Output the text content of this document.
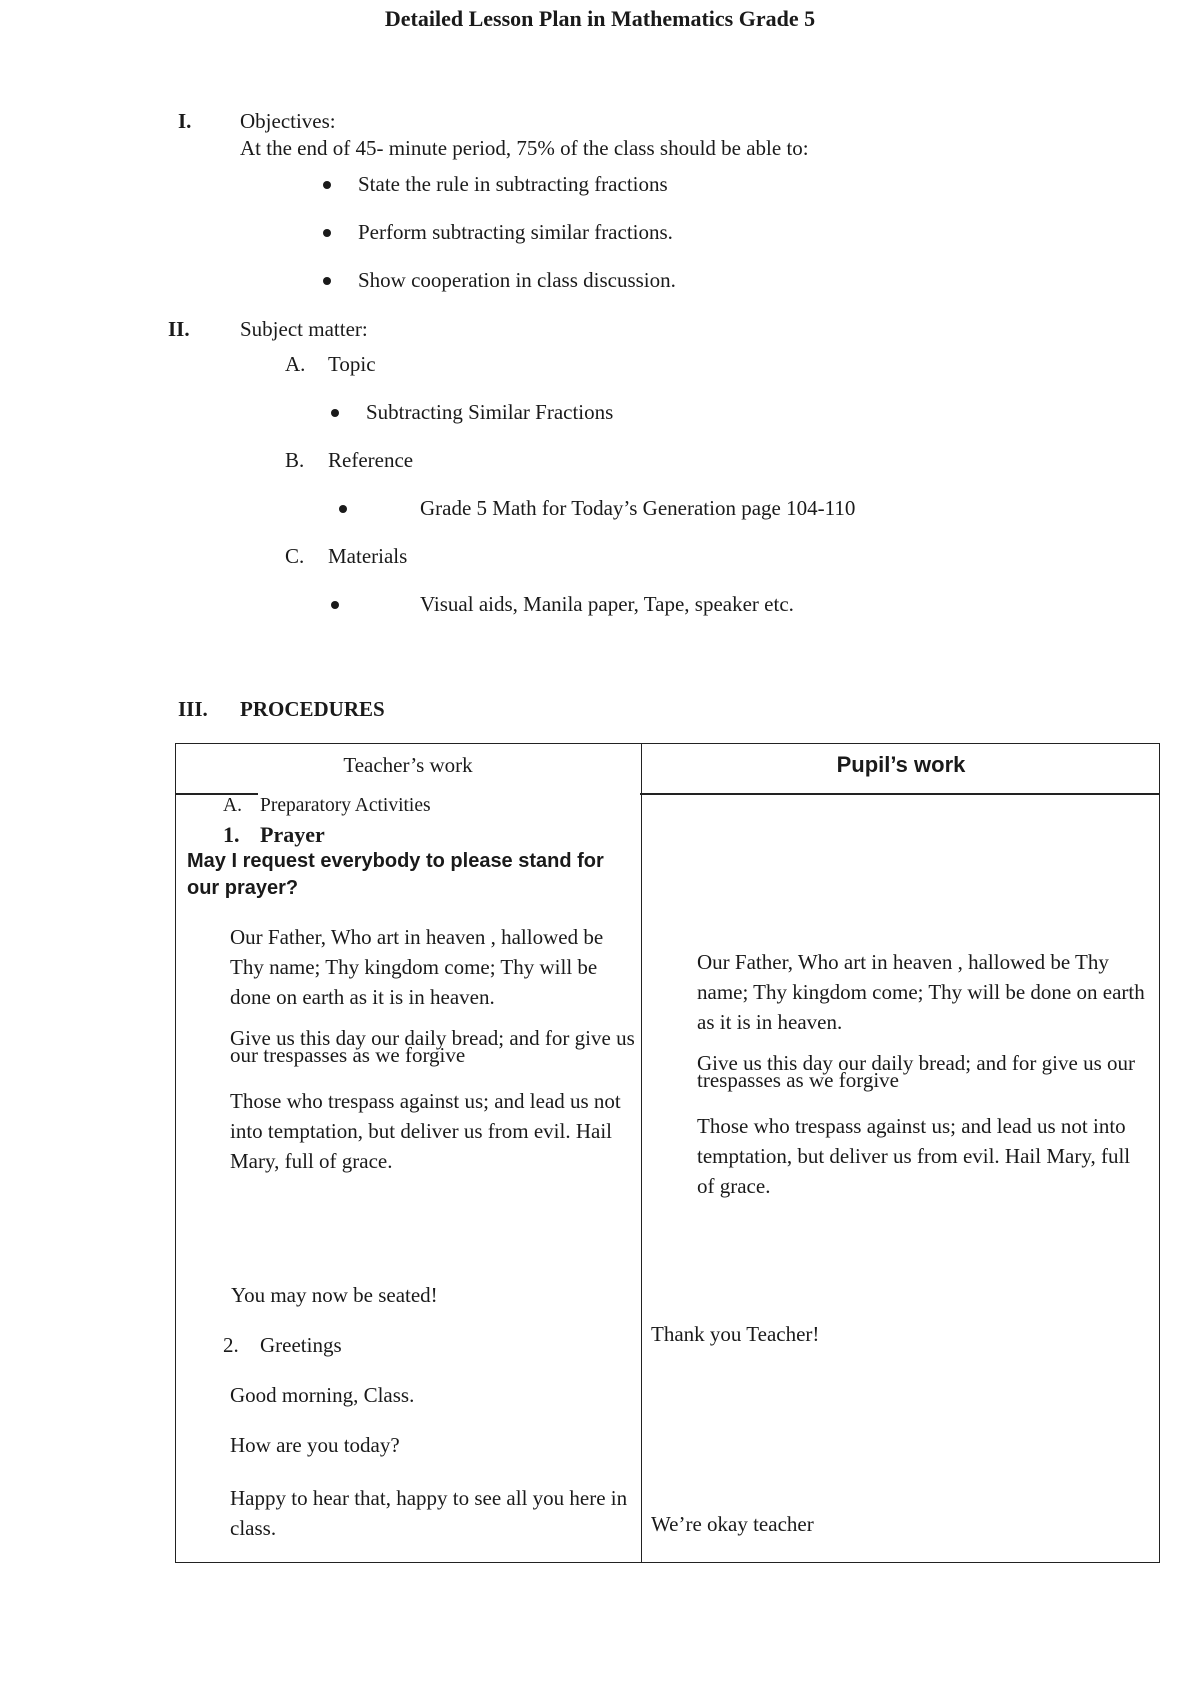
Detailed Lesson Plan in Mathematics Grade 5
I. Objectives:
At the end of 45- minute period, 75% of the class should be able to:
State the rule in subtracting fractions
Perform subtracting similar fractions.
Show cooperation in class discussion.
II. Subject matter:
A. Topic
Subtracting Similar Fractions
B. Reference
Grade 5 Math for Today’s Generation page 104-110
C. Materials
Visual aids, Manila paper, Tape, speaker etc.
III. PROCEDURES
Teacher’s work	Pupil’s work
A. Preparatory Activities
1. Prayer
May I request everybody to please stand for our prayer?

Our Father, Who art in heaven , hallowed be Thy name; Thy kingdom come; Thy will be done on earth as it is in heaven.

Give us this day our daily bread; and for give us our trespasses as we forgive

Those who trespass against us; and lead us not into temptation, but deliver us from evil. Hail Mary, full of grace.

You may now be seated!
2. Greetings
Good morning, Class.
How are you today?
Happy to hear that, happy to see all you here in class.

Our Father, Who art in heaven , hallowed be Thy name; Thy kingdom come; Thy will be done on earth as it is in heaven.

Give us this day our daily bread; and for give us our trespasses as we forgive

Those who trespass against us; and lead us not into temptation, but deliver us from evil. Hail Mary, full of grace.

Thank you Teacher!
We’re okay teacher
